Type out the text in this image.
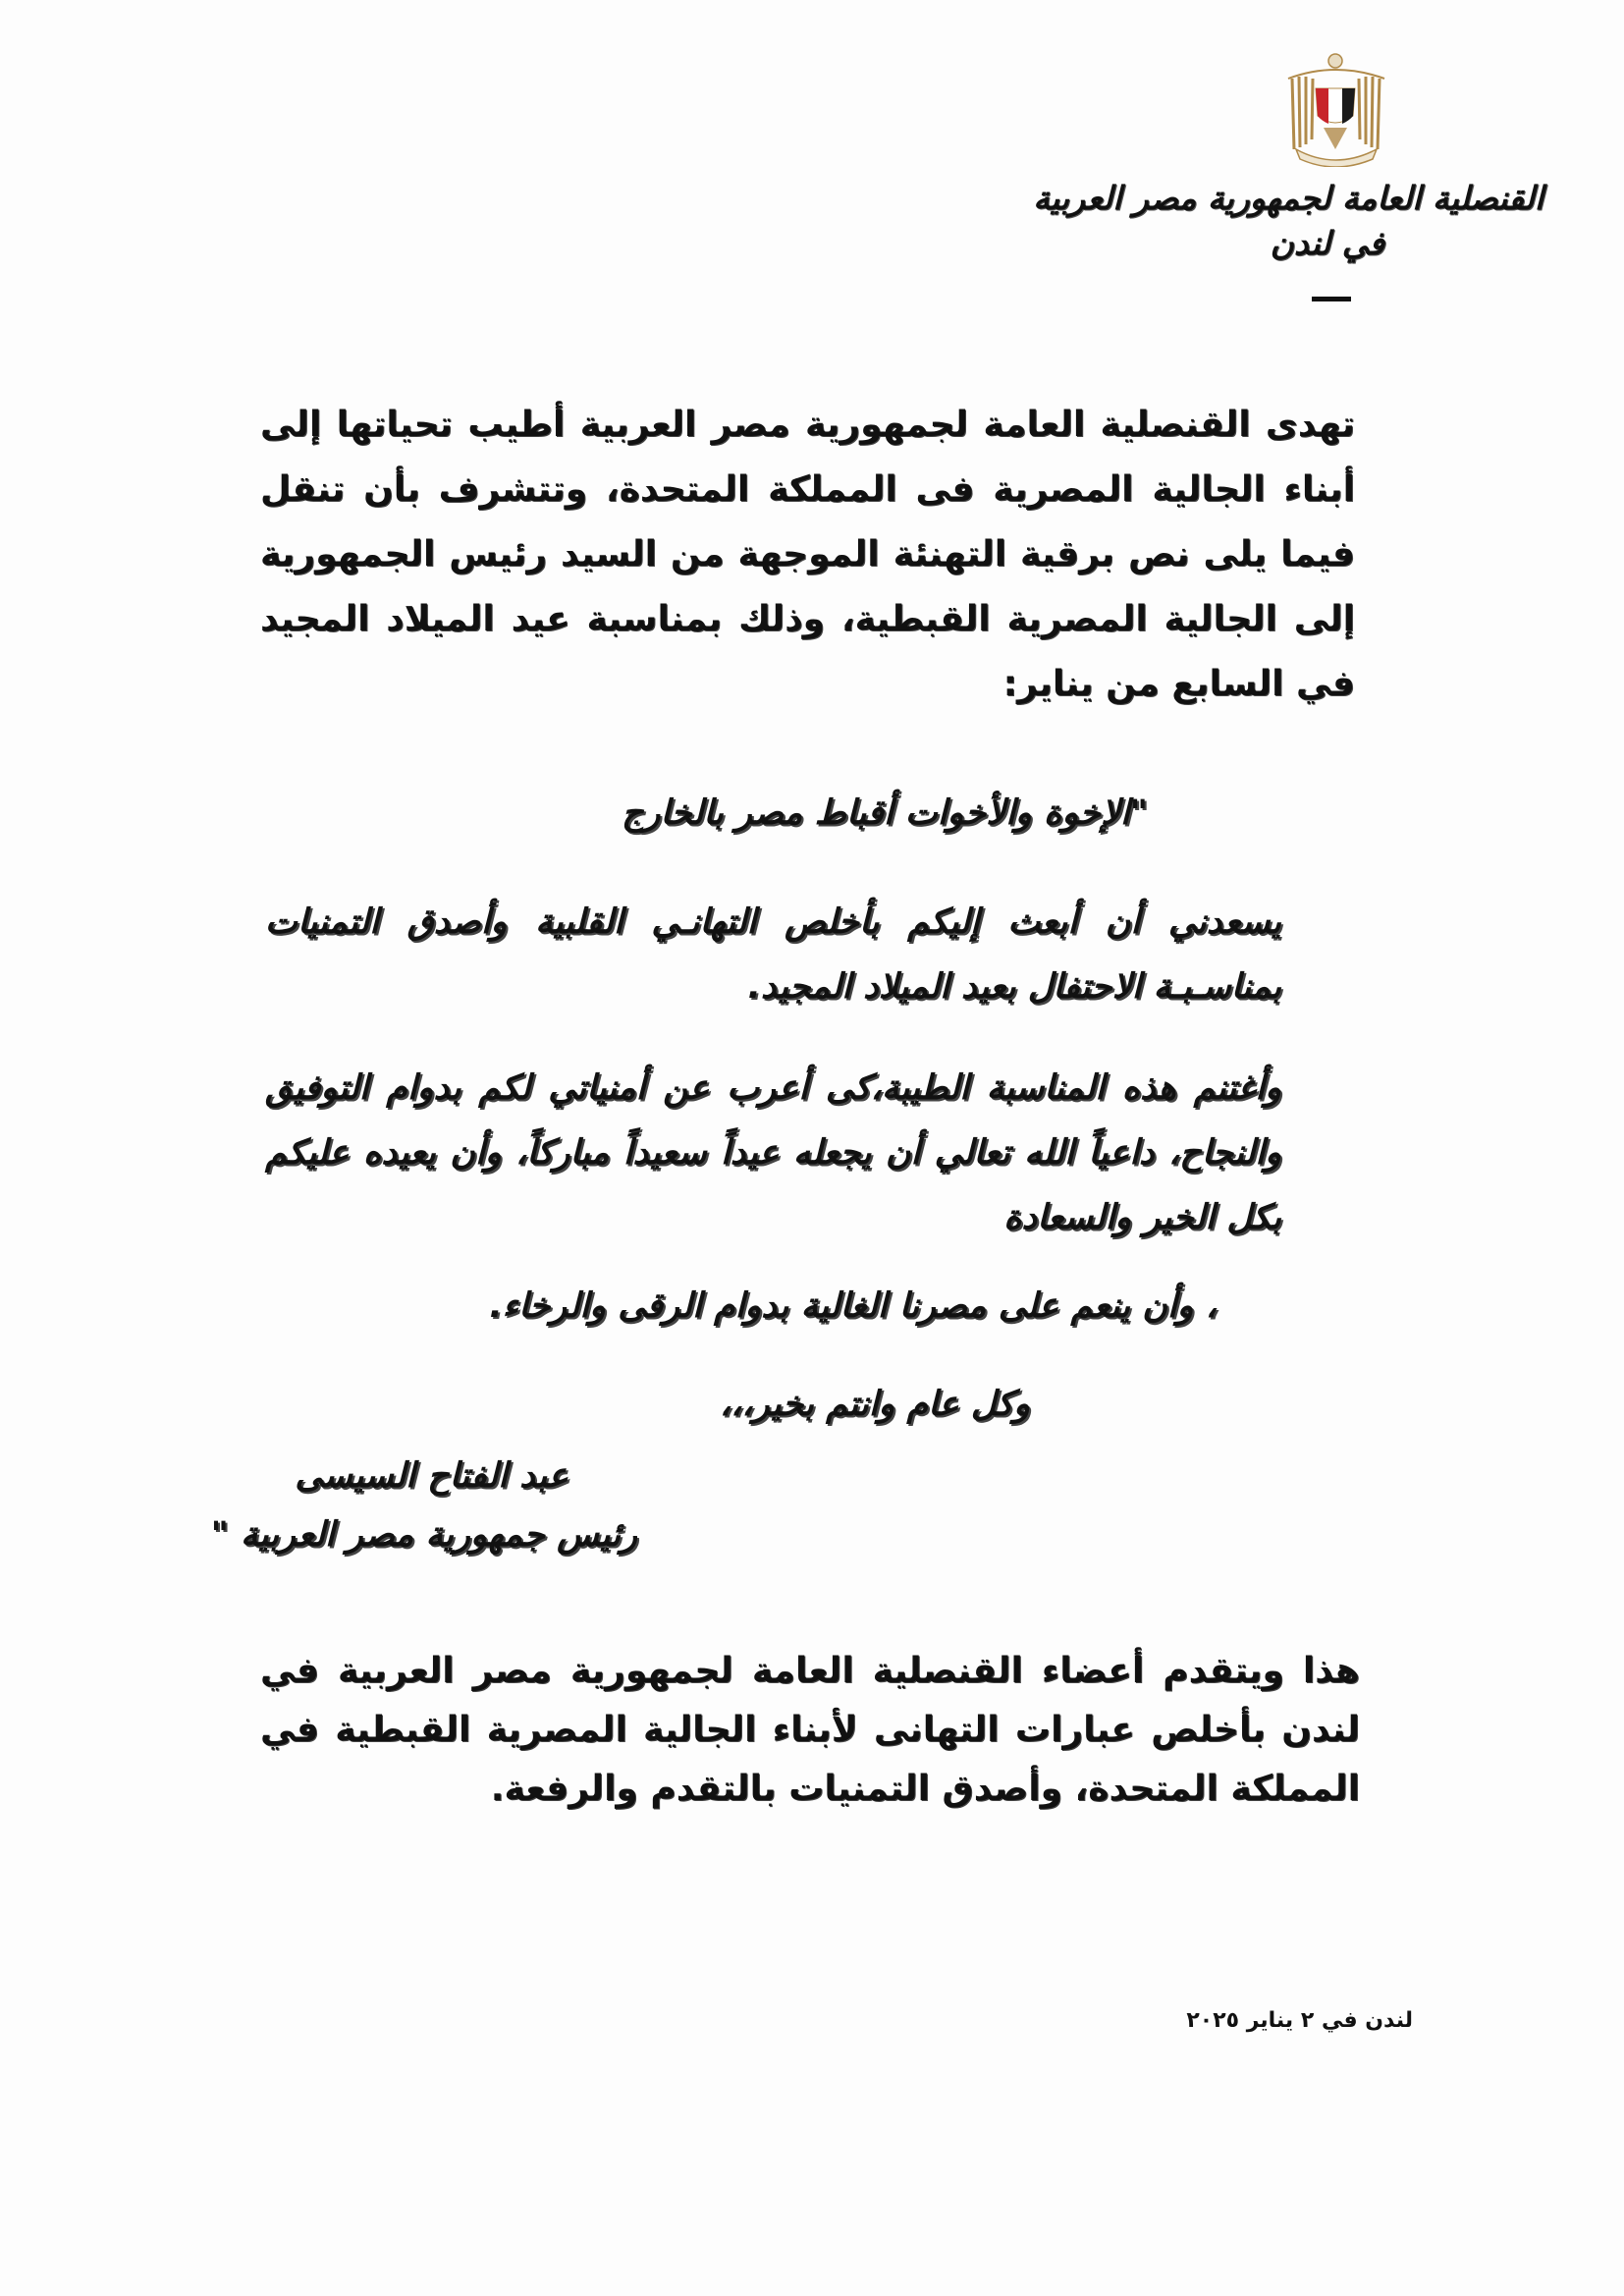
القنصلية العامة لجمهورية مصر العربية
في لندن
تهدى القنصلية العامة لجمهورية مصر العربية أطيب تحياتها إلى أبناء الجالية المصرية فى المملكة المتحدة، وتتشرف بأن تنقل فيما يلى نص برقية التهنئة الموجهة من السيد رئيس الجمهورية إلى الجالية المصرية القبطية، وذلك بمناسبة عيد الميلاد المجيد في السابع من يناير:
"الإخوة والأخوات أقباط مصر بالخارج
يسعدني أن أبعث إليكم بأخلص التهانـي القلبية وأصدق التمنيات بمناسـبـة الاحتفال بعيد الميلاد المجيد.
وأغتنم هذه المناسبة الطيبة،كى أعرب عن أمنياتي لكم بدوام التوفيق والنجاح، داعياً الله تعالي أن يجعله عيداً سعيداً مباركاً، وأن يعيده عليكم بكل الخير والسعادة
، وأن ينعم على مصرنا الغالية بدوام الرقى والرخاء.
وكل عام وانتم بخير،،،
عبد الفتاح السيسى
رئيس جمهورية مصر العربية "
هذا ويتقدم أعضاء القنصلية العامة لجمهورية مصر العربية في لندن بأخلص عبارات التهانى لأبناء الجالية المصرية القبطية في المملكة المتحدة، وأصدق التمنيات بالتقدم والرفعة.
لندن في ٢ يناير ٢٠٢٥
